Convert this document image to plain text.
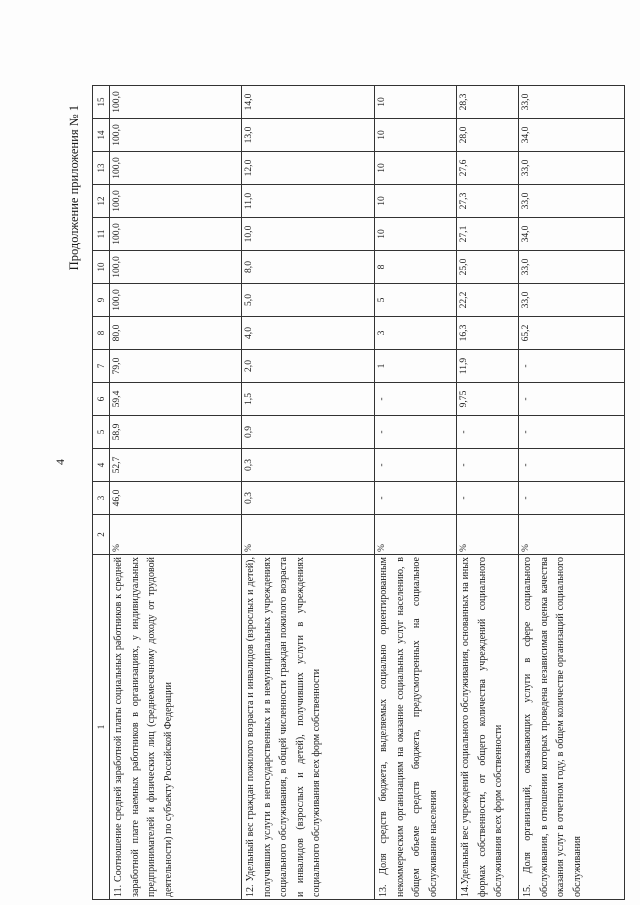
4
Продолжение приложения № 1
1	2	3	4	5	6	7	8	9	10	11	12	13	14	15
11. Соотношение средней заработной платы социальных работников к средней заработной плате наемных работников в организациях, у индивидуальных предпринимателей и физических лиц (среднемесячному доходу от трудовой деятельности) по субъекту Российской Федерации	%	46,0	52,7	58,9	59,4	79,0	80,0	100,0	100,0	100,0	100,0	100,0	100,0	100,0
12. Удельный вес граждан пожилого возраста и инвалидов (взрослых и детей), получивших услуги в негосударственных и в немуниципальных учреждениях социального обслуживания, в общей численности граждан пожилого возраста и инвалидов (взрослых и детей), получивших услуги в учреждениях социального обслуживания всех форм собственности	%	0,3	0,3	0,9	1,5	2,0	4,0	5,0	8,0	10,0	11,0	12,0	13,0	14,0
13. Доля средств бюджета, выделяемых социально ориентированным некоммерческим организациям на оказание социальных услуг населению, в общем объеме средств бюджета, предусмотренных на социальное обслуживание населения	%	-	-	-	-	1	3	5	8	10	10	10	10	10
14.Удельный вес учреждений социального обслуживания, основанных на иных формах собственности, от общего количества учреждений социального обслуживания всех форм собственности	%	-	-	-	9,75	11,9	16,3	22,2	25,0	27,1	27,3	27,6	28,0	28,3
15. Доля организаций, оказывающих услуги в сфере социального обслуживания, в отношении которых проведена независимая оценка качества оказания услуг в отчетном году, в общем количестве организаций социального обслуживания	%	-	-	-	-	-	65,2	33,0	33,0	34,0	33,0	33,0	34,0	33,0
